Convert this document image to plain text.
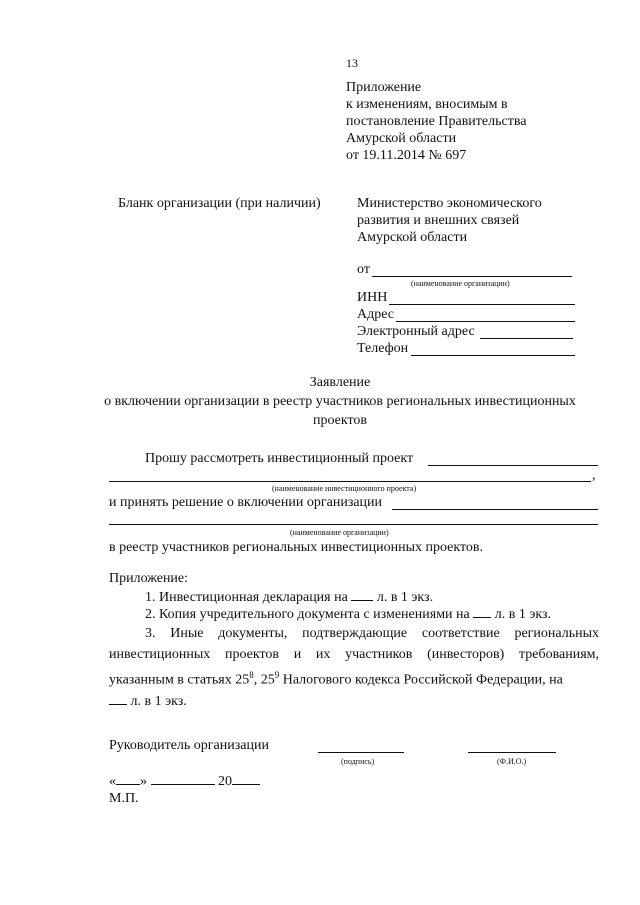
13
Приложение
к изменениям, вносимым в
постановление Правительства
Амурской области
от 19.11.2014 № 697
Бланк организации (при наличии)	Министерство экономического
развития и внешних связей
Амурской области
от
(наименование организации)
ИНН
Адрес
Электронный адрес
Телефон
Заявление
о включении организации в реестр участников региональных инвестиционных
проектов
Прошу рассмотреть инвестиционный проект
,
(наименование инвестиционного проекта)
и принять решение о включении организации
(наименование организации)
в реестр участников региональных инвестиционных проектов.
Приложение:
1. Инвестиционная декларация на  л. в 1 экз.
2. Копия учредительного документа с изменениями на  л. в 1 экз.
3. Иные документы, подтверждающие соответствие региональных инвестиционных проектов и их участников (инвесторов) требованиям, указанным в статьях $25^8$, $25^9$ Налогового кодекса Российской Федерации, на
л. в 1 экз.
Руководитель организации
(подпись)	(Ф.И.О.)
« »	20
М.П.
